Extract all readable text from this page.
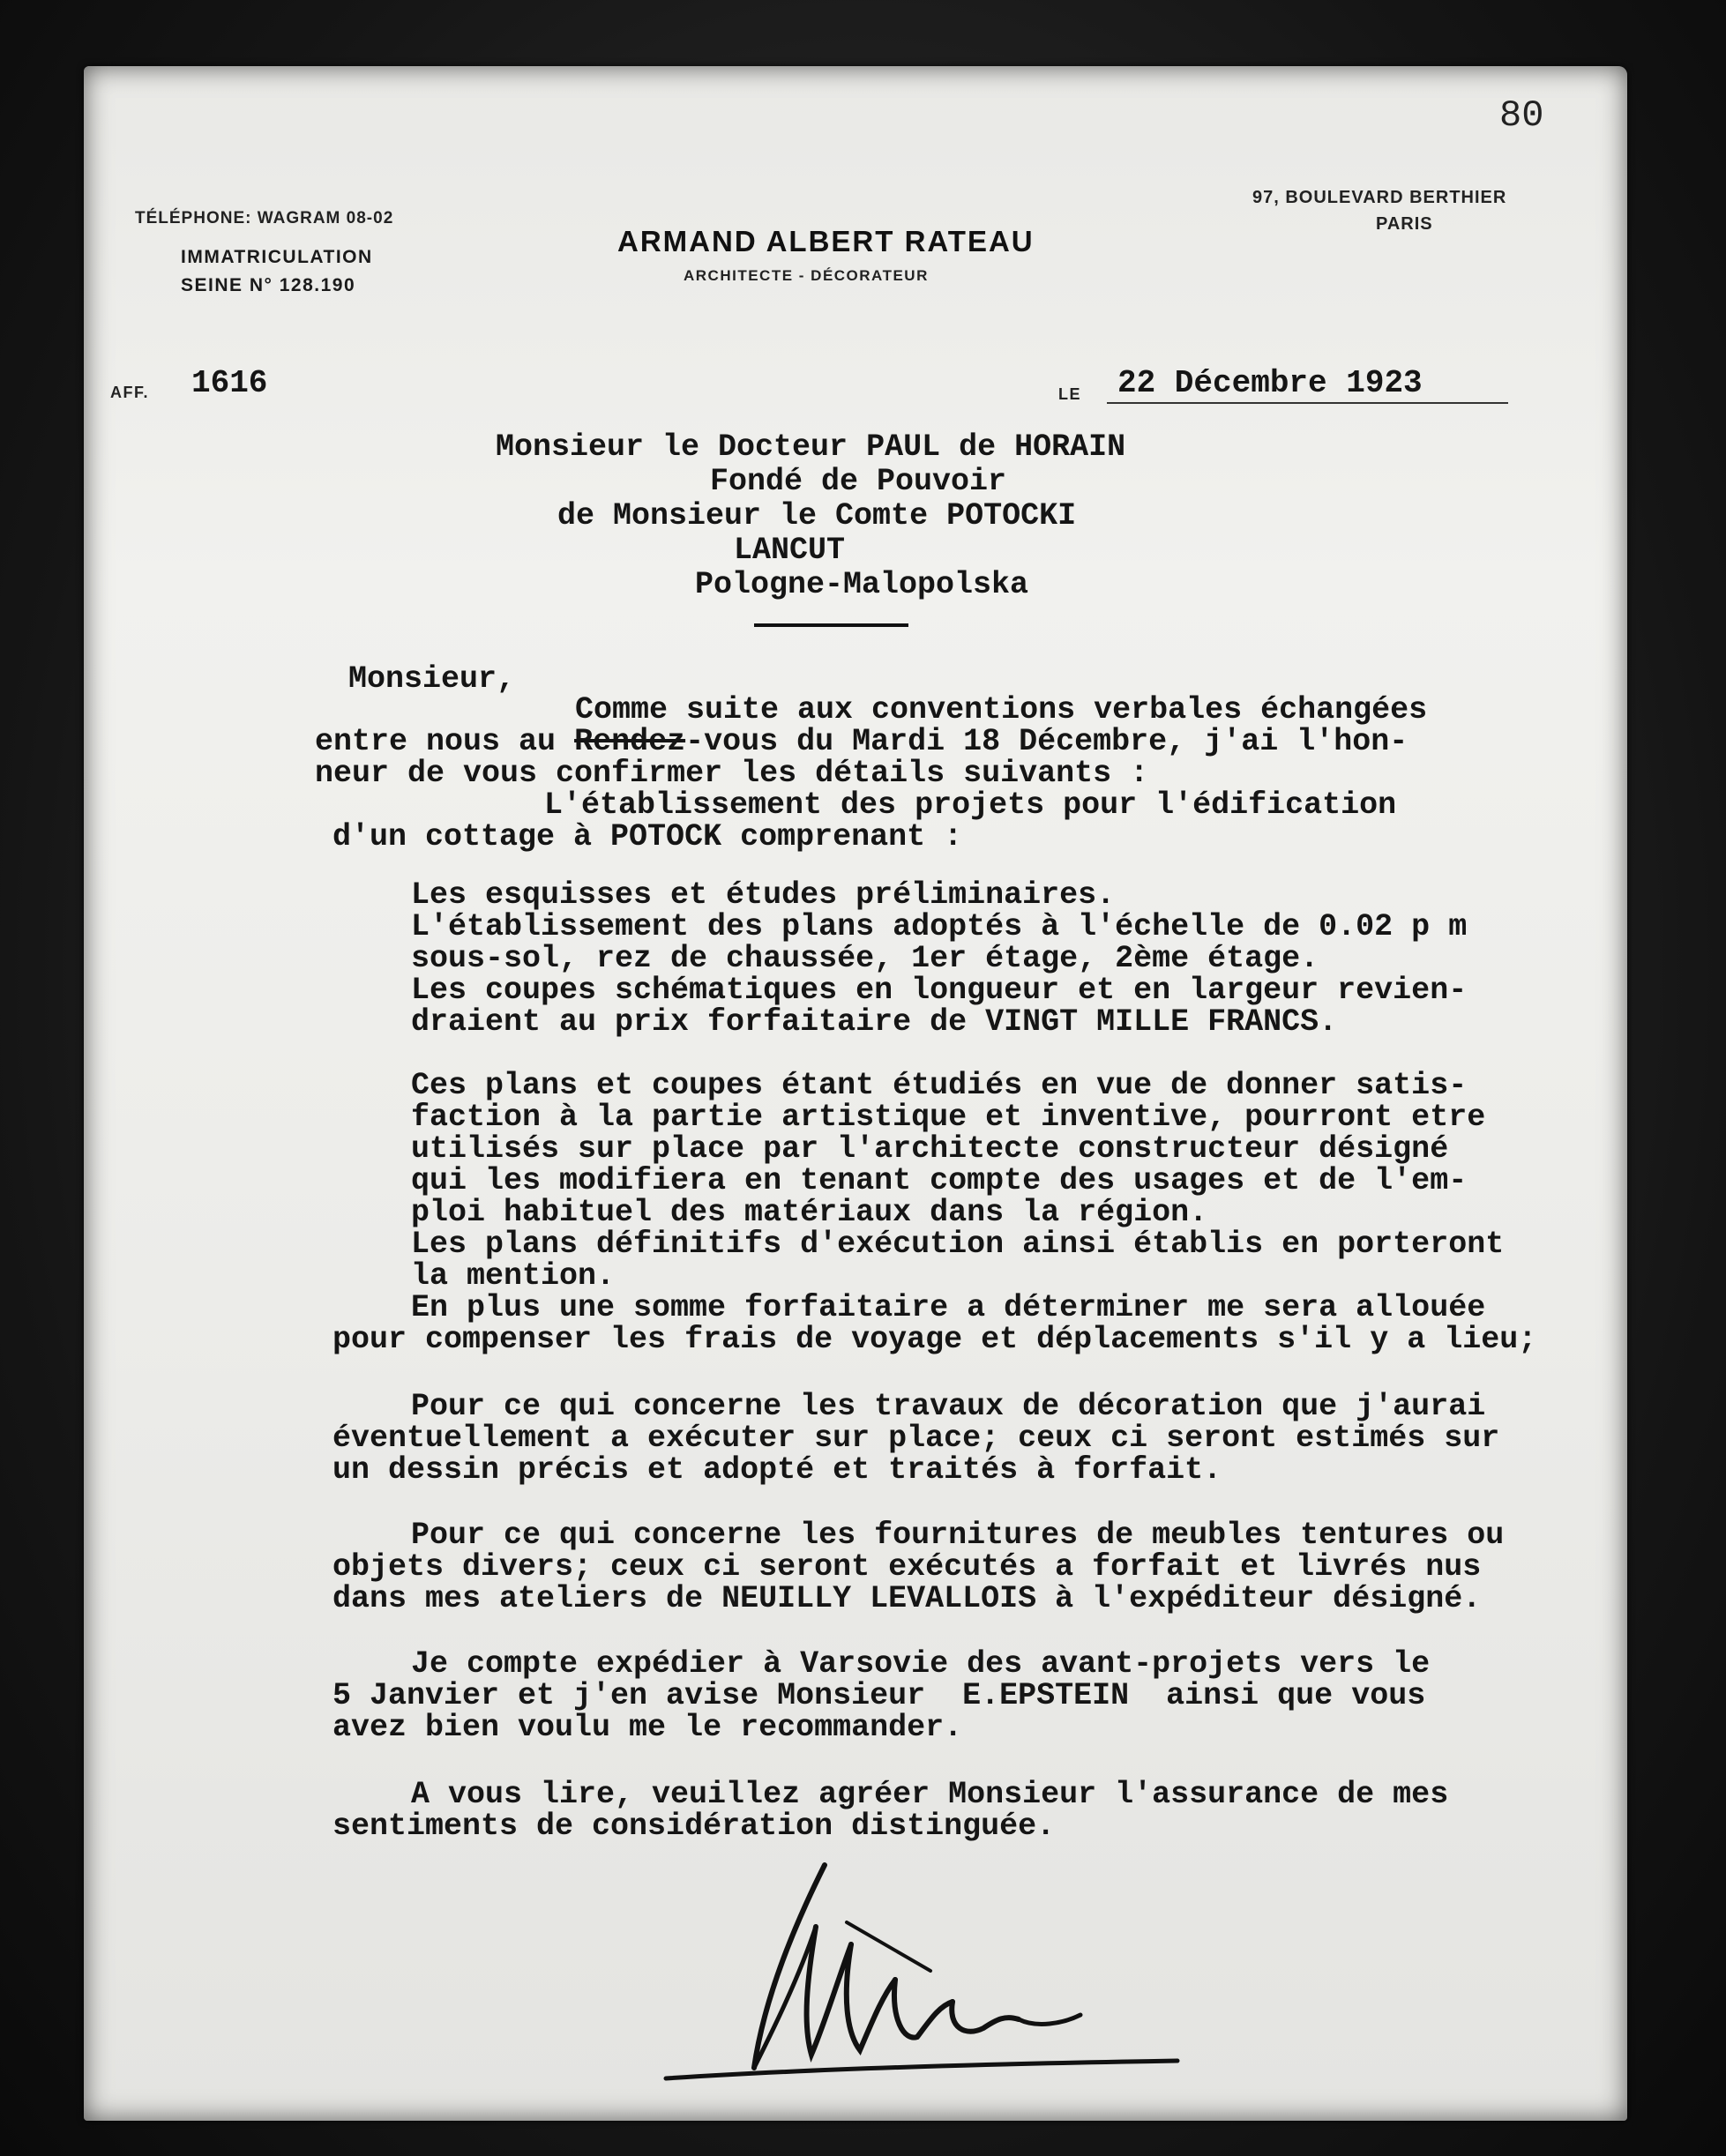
80
TÉLÉPHONE: WAGRAM 08-02
IMMATRICULATION
SEINE N° 128.190
ARMAND ALBERT RATEAU
ARCHITECTE - DÉCORATEUR
97, BOULEVARD BERTHIER
PARIS
AFF. 1616	LE 22 Décembre 1923
Monsieur le Docteur PAUL de HORAIN
Fondé de Pouvoir
de Monsieur le Comte POTOCKI
LANCUT
Pologne-Malopolska
Monsieur,
Comme suite aux conventions verbales échangées
entre nous au Rendez-vous du Mardi 18 Décembre, j'ai l'hon-
neur de vous confirmer les détails suivants :
L'établissement des projets pour l'édification
d'un cottage à POTOCK comprenant :
Les esquisses et études préliminaires.
L'établissement des plans adoptés à l'échelle de 0.02 p m
sous-sol, rez de chaussée, 1er étage, 2ème étage.
Les coupes schématiques en longueur et en largeur revien-
draient au prix forfaitaire de VINGT MILLE FRANCS.
Ces plans et coupes étant étudiés en vue de donner satis-
faction à la partie artistique et inventive, pourront etre
utilisés sur place par l'architecte constructeur désigné
qui les modifiera en tenant compte des usages et de l'em-
ploi habituel des matériaux dans la région.
Les plans définitifs d'exécution ainsi établis en porteront
la mention.
En plus une somme forfaitaire a déterminer me sera allouée
pour compenser les frais de voyage et déplacements s'il y a lieu;
Pour ce qui concerne les travaux de décoration que j'aurai
éventuellement a exécuter sur place; ceux ci seront estimés sur
un dessin précis et adopté et traités à forfait.
Pour ce qui concerne les fournitures de meubles tentures ou
objets divers; ceux ci seront exécutés a forfait et livrés nus
dans mes ateliers de NEUILLY LEVALLOIS à l'expéditeur désigné.
Je compte expédier à Varsovie des avant-projets vers le
5 Janvier et j'en avise Monsieur  E.EPSTEIN  ainsi que vous
avez bien voulu me le recommander.
A vous lire, veuillez agréer Monsieur l'assurance de mes
sentiments de considération distinguée.
